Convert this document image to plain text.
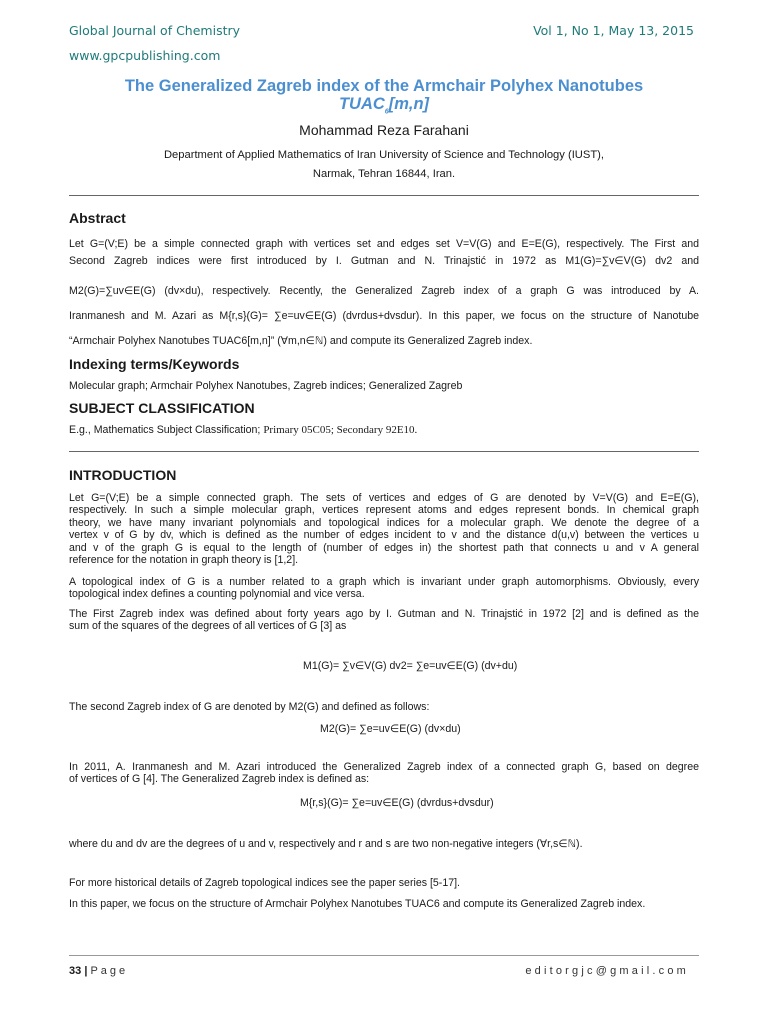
Global Journal of Chemistry	Vol 1, No 1, May 13, 2015
www.gpcpublishing.com
The Generalized Zagreb index of the Armchair Polyhex Nanotubes
$TUAC_6[m,n]$
Mohammad Reza Farahani
Department of Applied Mathematics of Iran University of Science and Technology (IUST),
Narmak, Tehran 16844, Iran.
Abstract
Let G=(V;E) be a simple connected graph with vertices set and edges set V=V(G) and E=E(G), respectively. The First and
Second Zagreb indices were first introduced by I. Gutman and N. Trinajstić in 1972 as M1(G)=∑v∈V(G) dv2 and
M2(G)=∑uv∈E(G) (dv×du), respectively. Recently, the Generalized Zagreb index of a graph G was introduced by A.
Iranmanesh and M. Azari as M{r,s}(G)= ∑e=uv∈E(G) (dvrdus+dvsdur). In this paper, we focus on the structure of Nanotube
“Armchair Polyhex Nanotubes TUAC6[m,n]” (∀m,n∈ℕ) and compute its Generalized Zagreb index.
Indexing terms/Keywords
Molecular graph; Armchair Polyhex Nanotubes, Zagreb indices; Generalized Zagreb
SUBJECT CLASSIFICATION
E.g., Mathematics Subject Classification; Primary 05C05; Secondary 92E10.
INTRODUCTION
Let G=(V;E) be a simple connected graph. The sets of vertices and edges of G are denoted by V=V(G) and E=E(G),
respectively. In such a simple molecular graph, vertices represent atoms and edges represent bonds. In chemical graph
theory, we have many invariant polynomials and topological indices for a molecular graph. We denote the degree of a
vertex v of G by dv, which is defined as the number of edges incident to v and the distance d(u,v) between the vertices u
and v of the graph G is equal to the length of (number of edges in) the shortest path that connects u and v A general
reference for the notation in graph theory is [1,2].
A topological index of G is a number related to a graph which is invariant under graph automorphisms. Obviously, every
topological index defines a counting polynomial and vice versa.
The First Zagreb index was defined about forty years ago by I. Gutman and N. Trinajstić in 1972 [2] and is defined as the
sum of the squares of the degrees of all vertices of G [3] as
M1(G)= ∑v∈V(G) dv2= ∑e=uv∈E(G) (dv+du)
The second Zagreb index of G are denoted by M2(G) and defined as follows:
M2(G)= ∑e=uv∈E(G) (dv×du)
In 2011, A. Iranmanesh and M. Azari introduced the Generalized Zagreb index of a connected graph G, based on degree
of vertices of G [4]. The Generalized Zagreb index is defined as:
M{r,s}(G)= ∑e=uv∈E(G) (dvrdus+dvsdur)
where du and dv are the degrees of u and v, respectively and r and s are two non-negative integers (∀r,s∈ℕ).
For more historical details of Zagreb topological indices see the paper series [5-17].
In this paper, we focus on the structure of Armchair Polyhex Nanotubes TUAC6 and compute its Generalized Zagreb index.
33 | Page	editorgjc@gmail.com
